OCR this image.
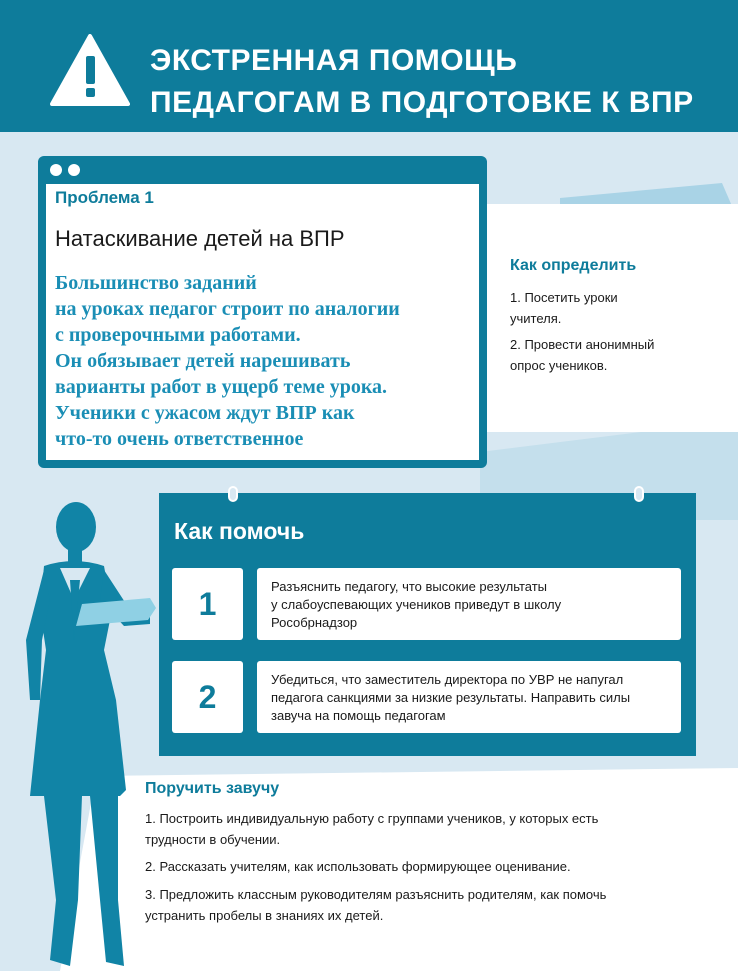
ЭКСТРЕННАЯ ПОМОЩЬ
ПЕДАГОГАМ В ПОДГОТОВКЕ К ВПР
Проблема 1
Натаскивание детей на ВПР
Большинство заданий
на уроках педагог строит по аналогии
с проверочными работами.
Он обязывает детей нарешивать
варианты работ в ущерб теме урока.
Ученики с ужасом ждут ВПР как
что-то очень ответственное
Как определить
1. Посетить уроки
учителя.
2. Провести анонимный
опрос учеников.
Как помочь
1	Разъяснить педагогу, что высокие результаты
у слабоуспевающих учеников приведут в школу
Рособрнадзор
2	Убедиться, что заместитель директора по УВР не напугал
педагога санкциями за низкие результаты. Направить силы
завуча на помощь педагогам
Поручить завучу
1. Построить индивидуальную работу с группами учеников, у которых есть
трудности в обучении.
2. Рассказать учителям, как использовать формирующее оценивание.
3. Предложить классным руководителям разъяснить родителям, как помочь
устранить пробелы в знаниях их детей.
